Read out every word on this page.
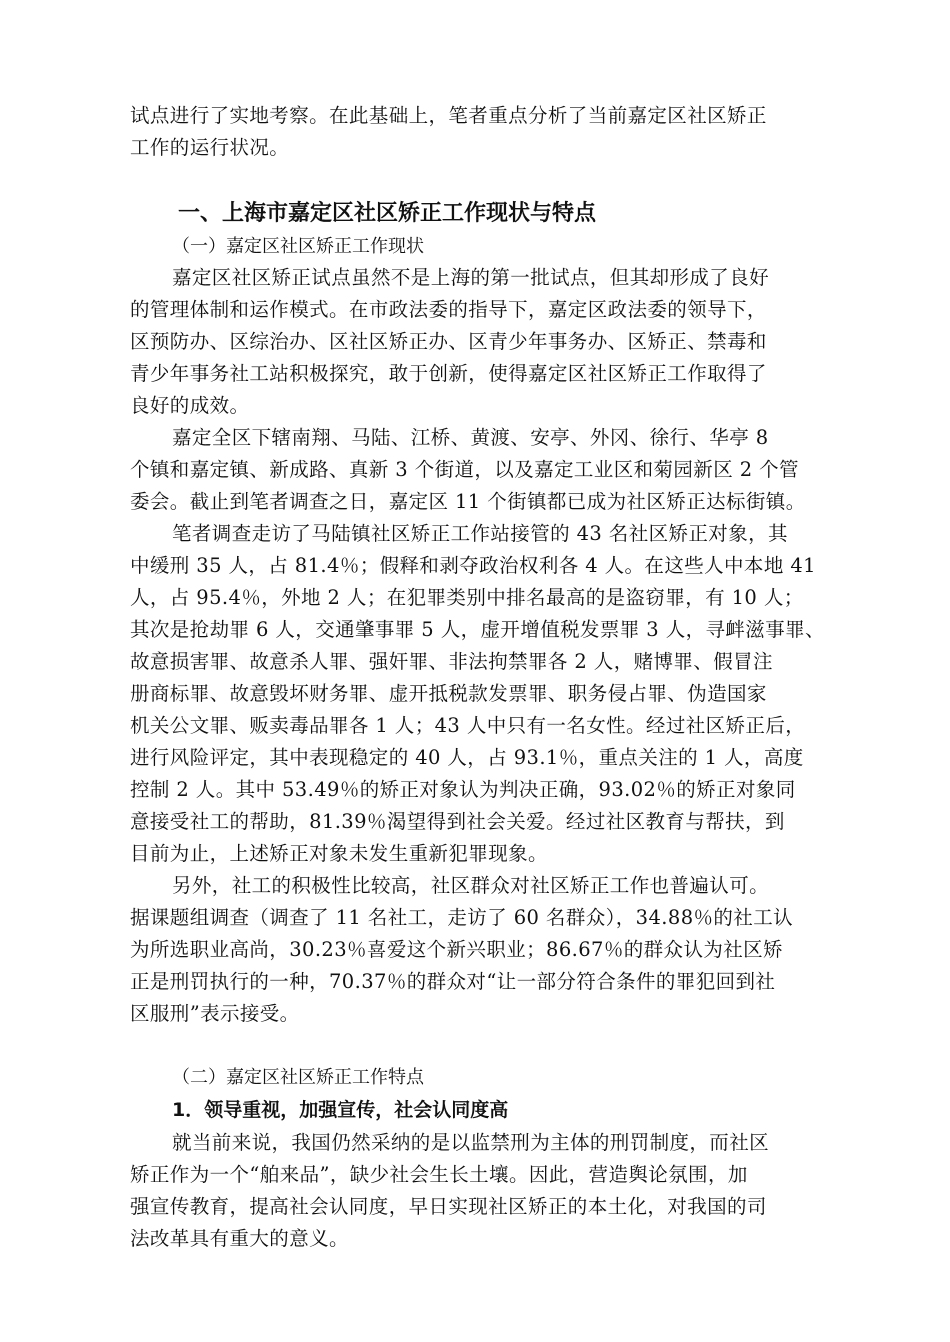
试点进行了实地考察。在此基础上，笔者重点分析了当前嘉定区社区矫正
工作的运行状况。
一、上海市嘉定区社区矫正工作现状与特点
（一）嘉定区社区矫正工作现状
嘉定区社区矫正试点虽然不是上海的第一批试点，但其却形成了良好
的管理体制和运作模式。在市政法委的指导下，嘉定区政法委的领导下，
区预防办、区综治办、区社区矫正办、区青少年事务办、区矫正、禁毒和
青少年事务社工站积极探究，敢于创新，使得嘉定区社区矫正工作取得了
良好的成效。
嘉定全区下辖南翔、马陆、江桥、黄渡、安亭、外冈、徐行、华亭 8
个镇和嘉定镇、新成路、真新 3 个街道，以及嘉定工业区和菊园新区 2 个管
委会。截止到笔者调查之日，嘉定区 11 个街镇都已成为社区矫正达标街镇。
笔者调查走访了马陆镇社区矫正工作站接管的 43 名社区矫正对象，其
中缓刑 35 人，占 81.4％；假释和剥夺政治权利各 4 人。在这些人中本地 41
人，占 95.4％，外地 2 人；在犯罪类别中排名最高的是盗窃罪，有 10 人；
其次是抢劫罪 6 人，交通肇事罪 5 人，虚开增值税发票罪 3 人，寻衅滋事罪、
故意损害罪、故意杀人罪、强奸罪、非法拘禁罪各 2 人，赌博罪、假冒注
册商标罪、故意毁坏财务罪、虚开抵税款发票罪、职务侵占罪、伪造国家
机关公文罪、贩卖毒品罪各 1 人；43 人中只有一名女性。经过社区矫正后，
进行风险评定，其中表现稳定的 40 人，占 93.1％，重点关注的 1 人，高度
控制 2 人。其中 53.49％的矫正对象认为判决正确，93.02％的矫正对象同
意接受社工的帮助，81.39％渴望得到社会关爱。经过社区教育与帮扶，到
目前为止，上述矫正对象未发生重新犯罪现象。
另外，社工的积极性比较高，社区群众对社区矫正工作也普遍认可。
据课题组调查（调查了 11 名社工，走访了 60 名群众），34.88％的社工认
为所选职业高尚，30.23％喜爱这个新兴职业；86.67％的群众认为社区矫
正是刑罚执行的一种，70.37％的群众对“让一部分符合条件的罪犯回到社
区服刑”表示接受。
（二）嘉定区社区矫正工作特点
1．领导重视，加强宣传，社会认同度高
就当前来说，我国仍然采纳的是以监禁刑为主体的刑罚制度，而社区
矫正作为一个“舶来品”，缺少社会生长土壤。因此，营造舆论氛围，加
强宣传教育，提高社会认同度，早日实现社区矫正的本土化，对我国的司
法改革具有重大的意义。
